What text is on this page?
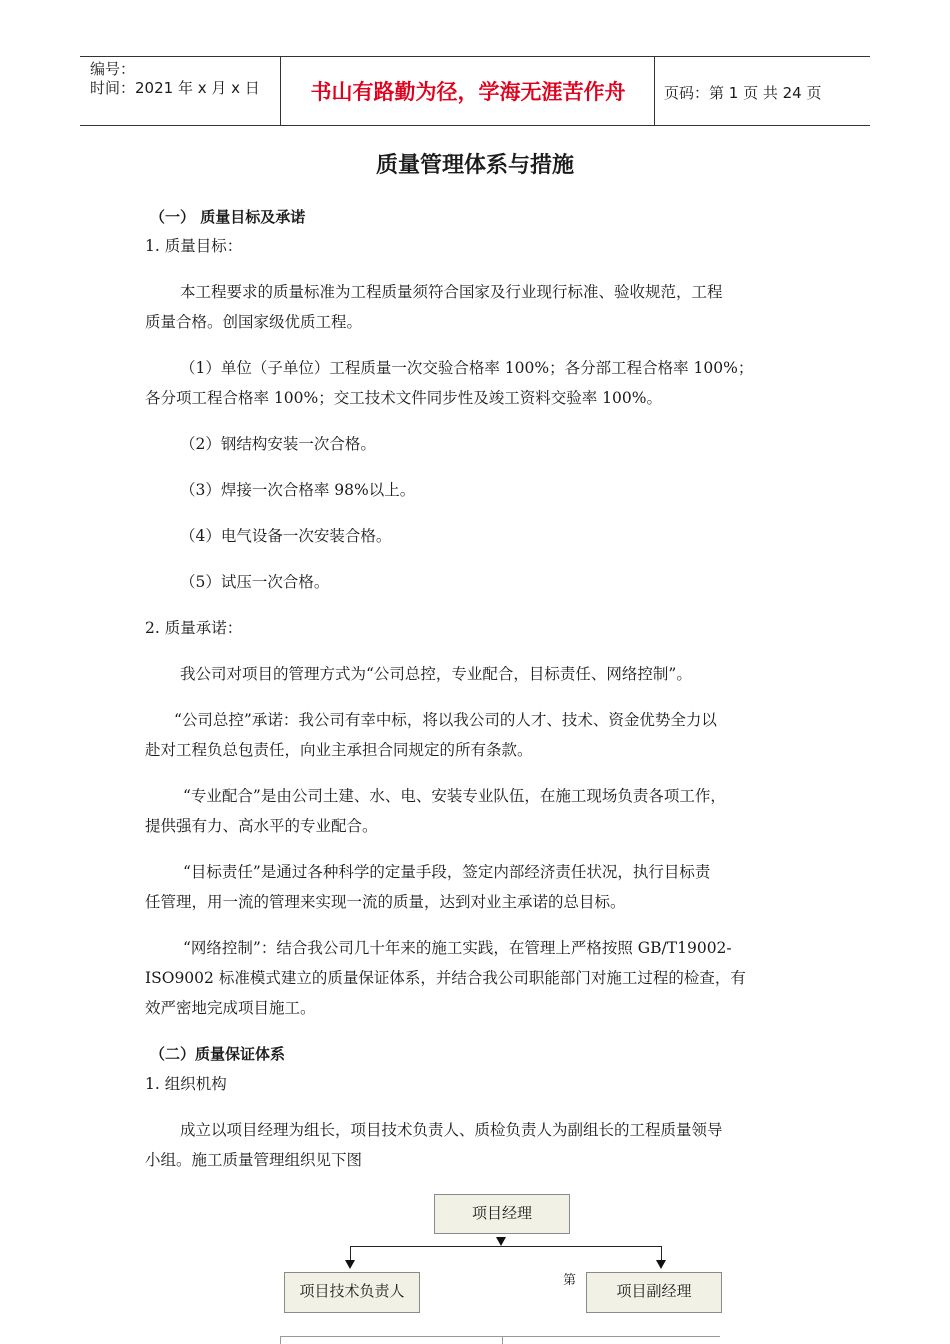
编号：
时间：2021 年 x 月 x 日	书山有路勤为径，学海无涯苦作舟	页码：第 1 页 共 24 页
质量管理体系与措施
（一） 质量目标及承诺
1. 质量目标：
本工程要求的质量标准为工程质量须符合国家及行业现行标准、验收规范，工程
质量合格。创国家级优质工程。
（1）单位（子单位）工程质量一次交验合格率 100%；各分部工程合格率 100%；
各分项工程合格率 100%；交工技术文件同步性及竣工资料交验率 100%。
（2）钢结构安装一次合格。
（3）焊接一次合格率 98%以上。
（4）电气设备一次安装合格。
（5）试压一次合格。
2. 质量承诺：
我公司对项目的管理方式为“公司总控，专业配合，目标责任、网络控制”。
“公司总控”承诺：我公司有幸中标，将以我公司的人才、技术、资金优势全力以
赴对工程负总包责任，向业主承担合同规定的所有条款。
“专业配合”是由公司土建、水、电、安装专业队伍，在施工现场负责各项工作，
提供强有力、高水平的专业配合。
“目标责任”是通过各种科学的定量手段，签定内部经济责任状况，执行目标责
任管理，用一流的管理来实现一流的质量，达到对业主承诺的总目标。
“网络控制”：结合我公司几十年来的施工实践，在管理上严格按照 GB/T19002-
ISO9002 标准模式建立的质量保证体系，并结合我公司职能部门对施工过程的检查，有
效严密地完成项目施工。
（二）质量保证体系
1. 组织机构
成立以项目经理为组长，项目技术负责人、质检负责人为副组长的工程质量领导
小组。施工质量管理组织见下图
项目经理
第
项目技术负责人	项目副经理
